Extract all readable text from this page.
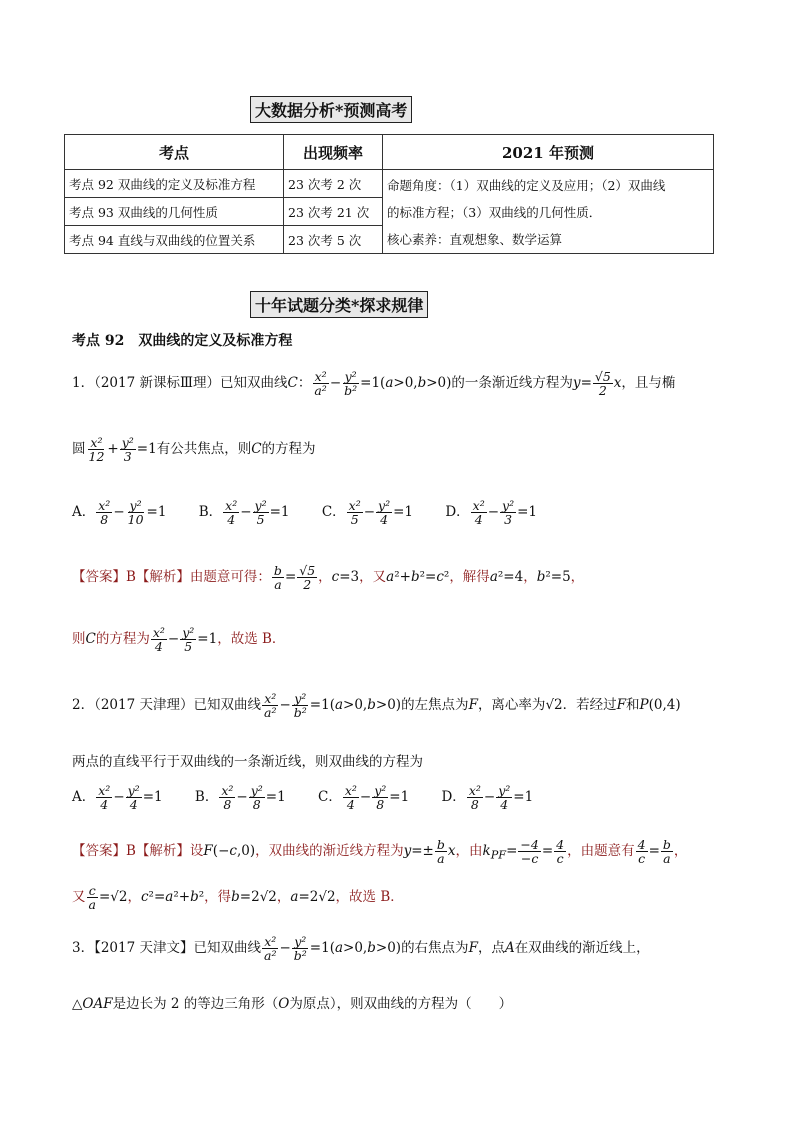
大数据分析*预测高考
考点	出现频率	2021 年预测
考点 92 双曲线的定义及标准方程	23 次考 2 次	命题角度：（1）双曲线的定义及应用；（2）双曲线
的标准方程；（3）双曲线的几何性质．
核心素养：直观想象、数学运算

考点 93 双曲线的几何性质	23 次考 21 次	
考点 94 直线与双曲线的位置关系	23 次考 5 次	
十年试题分类*探求规律
考点 92　双曲线的定义及标准方程
1．（2017 新课标Ⅲ理）已知双曲线C： $\frac{\text{x²}}{\text{a²}} - \frac{\text{y²}}{\text{b²}} =1(a>0,b>0)$的一条渐近线方程为$y= \frac{√5}{2}$ x，且与椭
圆 $\frac{\text{x²}}{12} + \frac{\text{y²}}{3} =1$有公共焦点，则C的方程为
A． $\frac{\text{x²}}{8} - \frac{\text{y²}}{10} =1$ B． $\frac{\text{x²}}{4} - \frac{\text{y²}}{5} =1$ C． $\frac{\text{x²}}{5} - \frac{\text{y²}}{4} =1$ D． $\frac{\text{x²}}{4} - \frac{\text{y²}}{3} =1$
【答案】B【解析】由题意可得： $\frac{b}{a} = \frac{√5}{2}$ ，c=3，又a²+b²=c²，解得a²=4，b²=5，
则C的方程为 $\frac{\text{x²}}{4} - \frac{\text{y²}}{5} =1$，故选 B．
2．（2017 天津理）已知双曲线 $\frac{\text{x²}}{\text{a²}} - \frac{\text{y²}}{\text{b²}} =1(a>0,b>0)$的左焦点为F，离心率为√2．若经过F和P(0,4)
两点的直线平行于双曲线的一条渐近线，则双曲线的方程为
A． $\frac{\text{x²}}{4} - \frac{\text{y²}}{4} =1$ B． $\frac{\text{x²}}{8} - \frac{\text{y²}}{8} =1$ C． $\frac{\text{x²}}{4} - \frac{\text{y²}}{8} =1$ D． $\frac{\text{x²}}{8} - \frac{\text{y²}}{4} =1$
【答案】B【解析】设F(−c,0)，双曲线的渐近线方程为$y=\pm \frac{b}{a}$ x，由$k_{PF}= \frac{-4}{-c} = \frac{4}{c}$ ，由题意有 $\frac{4}{c} = \frac{b}{a}$ ，
又 $\frac{c}{a} =√2$，c²=a²+b²，得b=2√2，a=2√2，故选 B．
3．【2017 天津文】已知双曲线 $\frac{\text{x²}}{\text{a²}} - \frac{\text{y²}}{\text{b²}} =1(a>0,b>0)$的右焦点为F，点A在双曲线的渐近线上，
△OAF是边长为 2 的等边三角形（O为原点），则双曲线的方程为（　　）
